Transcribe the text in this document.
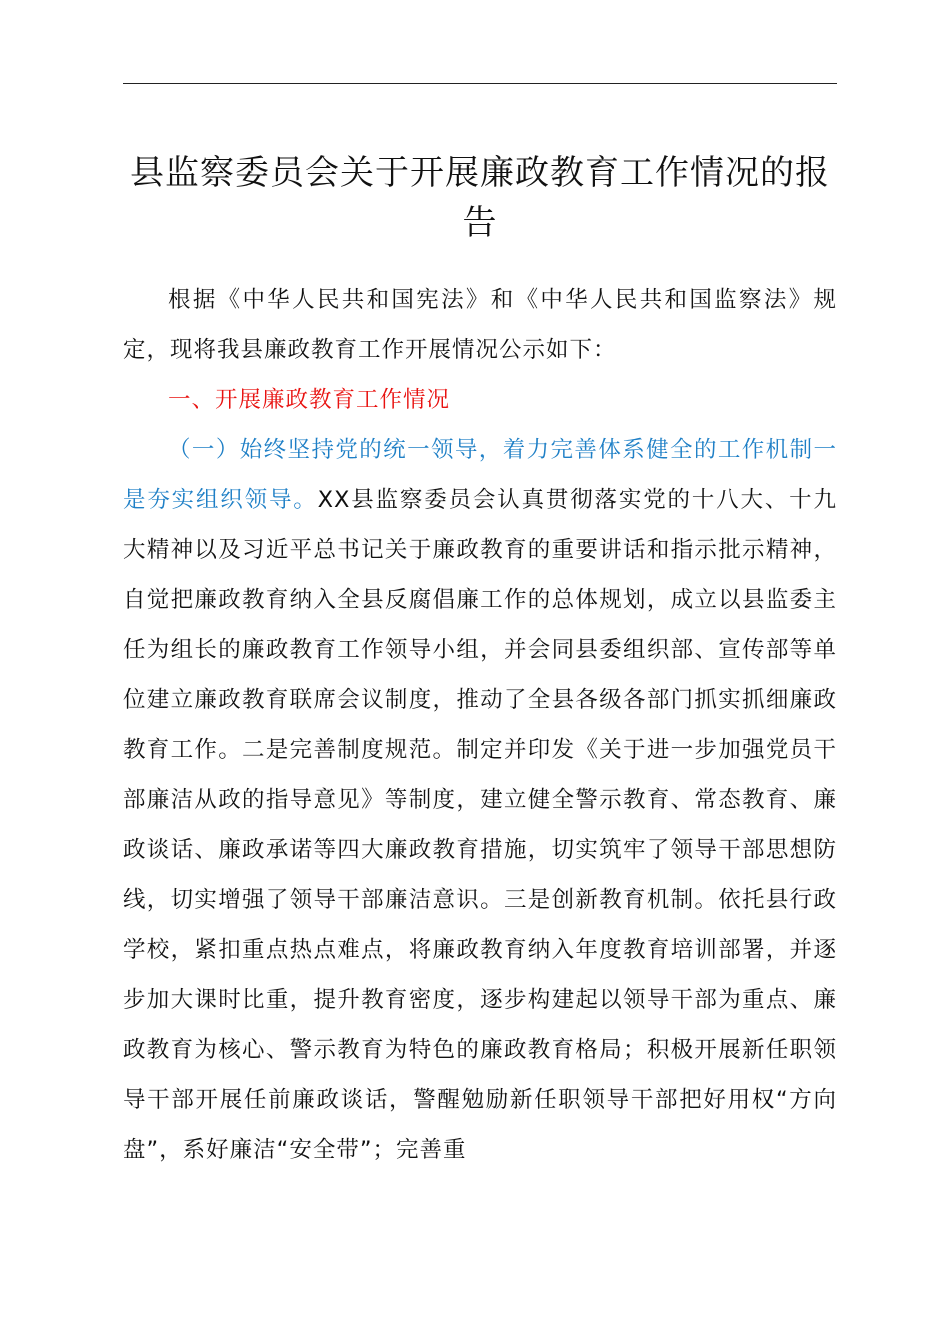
县监察委员会关于开展廉政教育工作情况的报告

根据《中华人民共和国宪法》和《中华人民共和国监察法》规定，现将我县廉政教育工作开展情况公示如下：

一、开展廉政教育工作情况

（一）始终坚持党的统一领导，着力完善体系健全的工作机制一是夯实组织领导。XX县监察委员会认真贯彻落实党的十八大、十九大精神以及习近平总书记关于廉政教育的重要讲话和指示批示精神，自觉把廉政教育纳入全县反腐倡廉工作的总体规划，成立以县监委主任为组长的廉政教育工作领导小组，并会同县委组织部、宣传部等单位建立廉政教育联席会议制度，推动了全县各级各部门抓实抓细廉政教育工作。二是完善制度规范。制定并印发《关于进一步加强党员干部廉洁从政的指导意见》等制度，建立健全警示教育、常态教育、廉政谈话、廉政承诺等四大廉政教育措施，切实筑牢了领导干部思想防线，切实增强了领导干部廉洁意识。三是创新教育机制。依托县行政学校，紧扣重点热点难点，将廉政教育纳入年度教育培训部署，并逐步加大课时比重，提升教育密度，逐步构建起以领导干部为重点、廉政教育为核心、警示教育为特色的廉政教育格局；积极开展新任职领导干部开展任前廉政谈话，警醒勉励新任职领导干部把好用权“方向盘”，系好廉洁“安全带”；完善重
